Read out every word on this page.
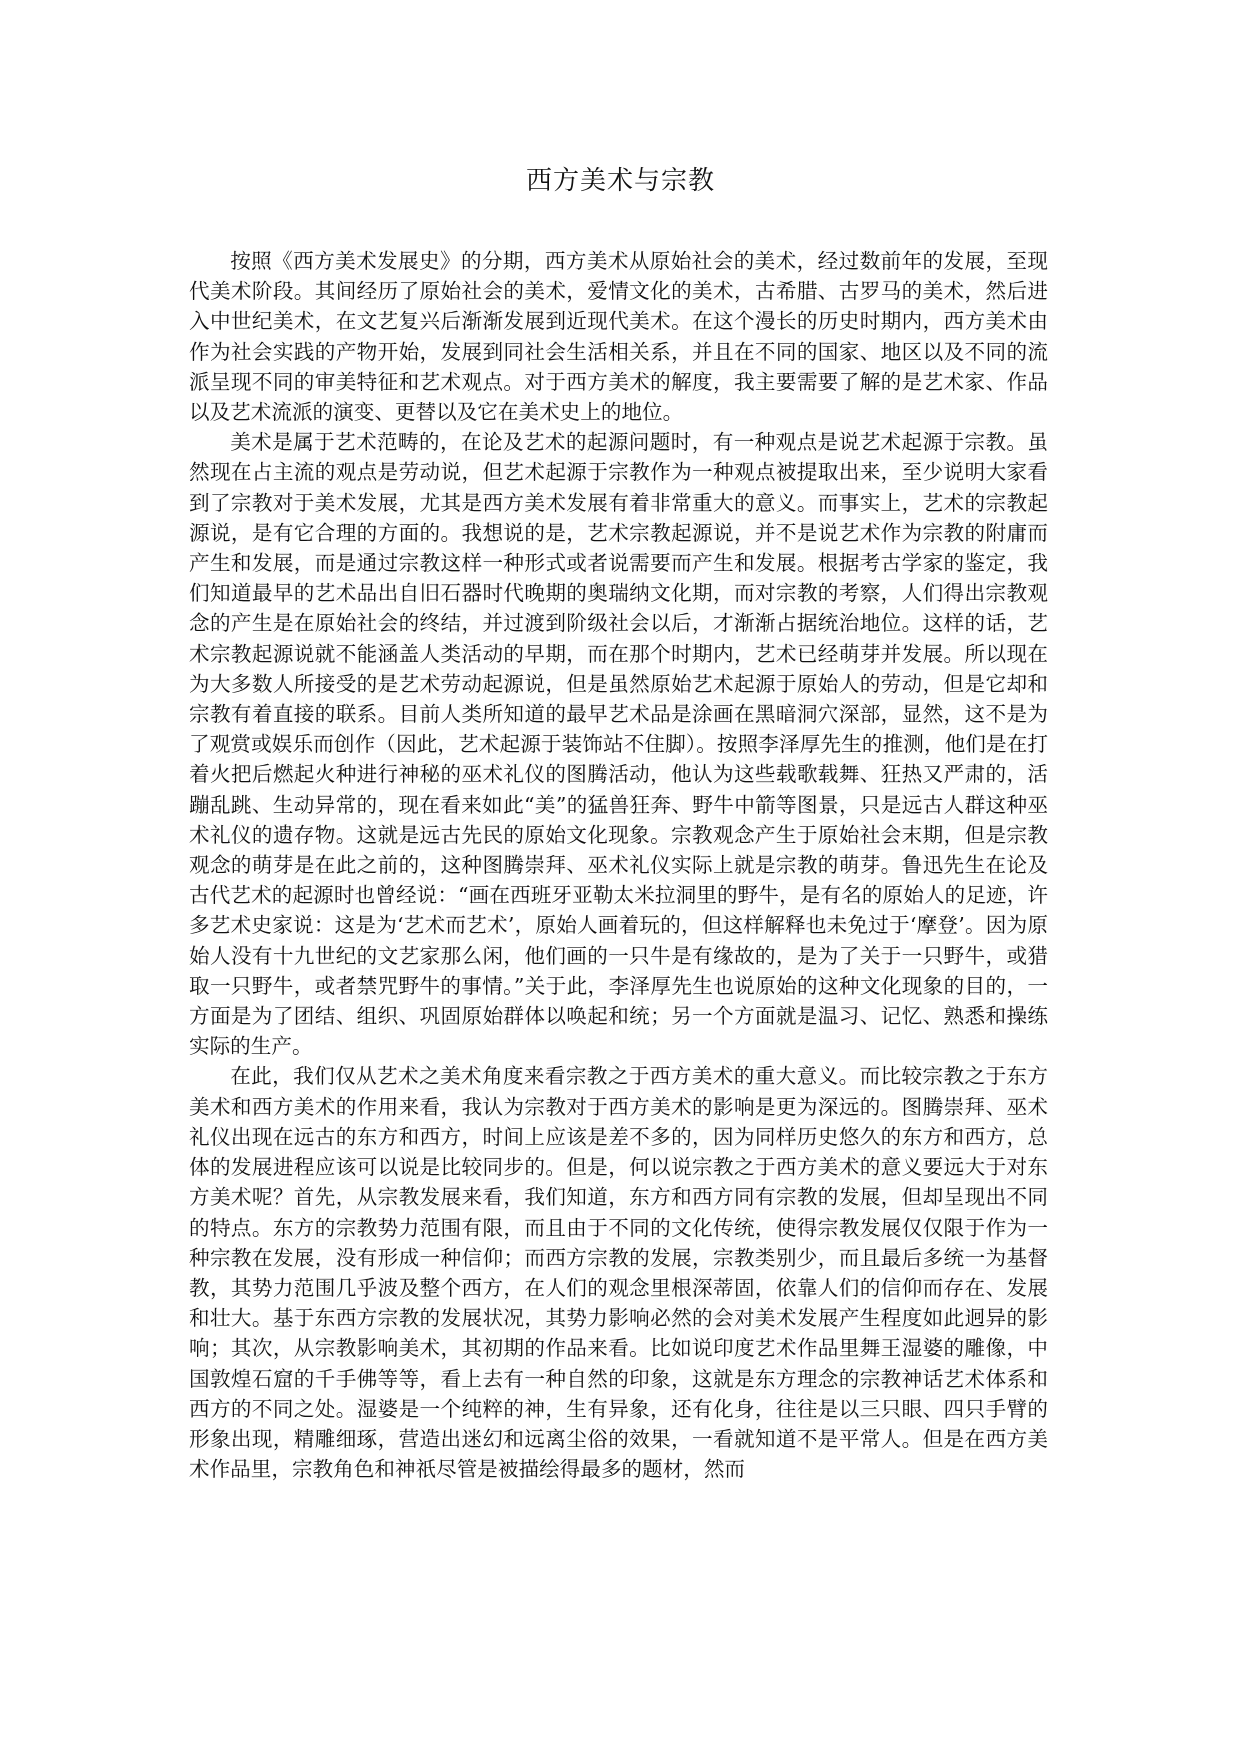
西方美术与宗教

按照《西方美术发展史》的分期，西方美术从原始社会的美术，经过数前年的发展，至现代美术阶段。其间经历了原始社会的美术，爱情文化的美术，古希腊、古罗马的美术，然后进入中世纪美术，在文艺复兴后渐渐发展到近现代美术。在这个漫长的历史时期内，西方美术由作为社会实践的产物开始，发展到同社会生活相关系，并且在不同的国家、地区以及不同的流派呈现不同的审美特征和艺术观点。对于西方美术的解度，我主要需要了解的是艺术家、作品以及艺术流派的演变、更替以及它在美术史上的地位。

美术是属于艺术范畴的，在论及艺术的起源问题时，有一种观点是说艺术起源于宗教。虽然现在占主流的观点是劳动说，但艺术起源于宗教作为一种观点被提取出来，至少说明大家看到了宗教对于美术发展，尤其是西方美术发展有着非常重大的意义。而事实上，艺术的宗教起源说，是有它合理的方面的。我想说的是，艺术宗教起源说，并不是说艺术作为宗教的附庸而产生和发展，而是通过宗教这样一种形式或者说需要而产生和发展。根据考古学家的鉴定，我们知道最早的艺术品出自旧石器时代晚期的奥瑞纳文化期，而对宗教的考察，人们得出宗教观念的产生是在原始社会的终结，并过渡到阶级社会以后，才渐渐占据统治地位。这样的话，艺术宗教起源说就不能涵盖人类活动的早期，而在那个时期内，艺术已经萌芽并发展。所以现在为大多数人所接受的是艺术劳动起源说，但是虽然原始艺术起源于原始人的劳动，但是它却和宗教有着直接的联系。目前人类所知道的最早艺术品是涂画在黑暗洞穴深部，显然，这不是为了观赏或娱乐而创作（因此，艺术起源于装饰站不住脚）。按照李泽厚先生的推测，他们是在打着火把后燃起火种进行神秘的巫术礼仪的图腾活动，他认为这些载歌载舞、狂热又严肃的，活蹦乱跳、生动异常的，现在看来如此“美”的猛兽狂奔、野牛中箭等图景，只是远古人群这种巫术礼仪的遗存物。这就是远古先民的原始文化现象。宗教观念产生于原始社会末期，但是宗教观念的萌芽是在此之前的，这种图腾崇拜、巫术礼仪实际上就是宗教的萌芽。鲁迅先生在论及古代艺术的起源时也曾经说：“画在西班牙亚勒太米拉洞里的野牛，是有名的原始人的足迹，许多艺术史家说：这是为‘艺术而艺术’，原始人画着玩的，但这样解释也未免过于‘摩登’。因为原始人没有十九世纪的文艺家那么闲，他们画的一只牛是有缘故的，是为了关于一只野牛，或猎取一只野牛，或者禁咒野牛的事情。”关于此，李泽厚先生也说原始的这种文化现象的目的，一方面是为了团结、组织、巩固原始群体以唤起和统；另一个方面就是温习、记忆、熟悉和操练实际的生产。

在此，我们仅从艺术之美术角度来看宗教之于西方美术的重大意义。而比较宗教之于东方美术和西方美术的作用来看，我认为宗教对于西方美术的影响是更为深远的。图腾崇拜、巫术礼仪出现在远古的东方和西方，时间上应该是差不多的，因为同样历史悠久的东方和西方，总体的发展进程应该可以说是比较同步的。但是，何以说宗教之于西方美术的意义要远大于对东方美术呢？首先，从宗教发展来看，我们知道，东方和西方同有宗教的发展，但却呈现出不同的特点。东方的宗教势力范围有限，而且由于不同的文化传统，使得宗教发展仅仅限于作为一种宗教在发展，没有形成一种信仰；而西方宗教的发展，宗教类别少，而且最后多统一为基督教，其势力范围几乎波及整个西方，在人们的观念里根深蒂固，依靠人们的信仰而存在、发展和壮大。基于东西方宗教的发展状况，其势力影响必然的会对美术发展产生程度如此迥异的影响；其次，从宗教影响美术，其初期的作品来看。比如说印度艺术作品里舞王湿婆的雕像，中国敦煌石窟的千手佛等等，看上去有一种自然的印象，这就是东方理念的宗教神话艺术体系和西方的不同之处。湿婆是一个纯粹的神，生有异象，还有化身，往往是以三只眼、四只手臂的形象出现，精雕细琢，营造出迷幻和远离尘俗的效果，一看就知道不是平常人。但是在西方美术作品里，宗教角色和神祇尽管是被描绘得最多的题材，然而
